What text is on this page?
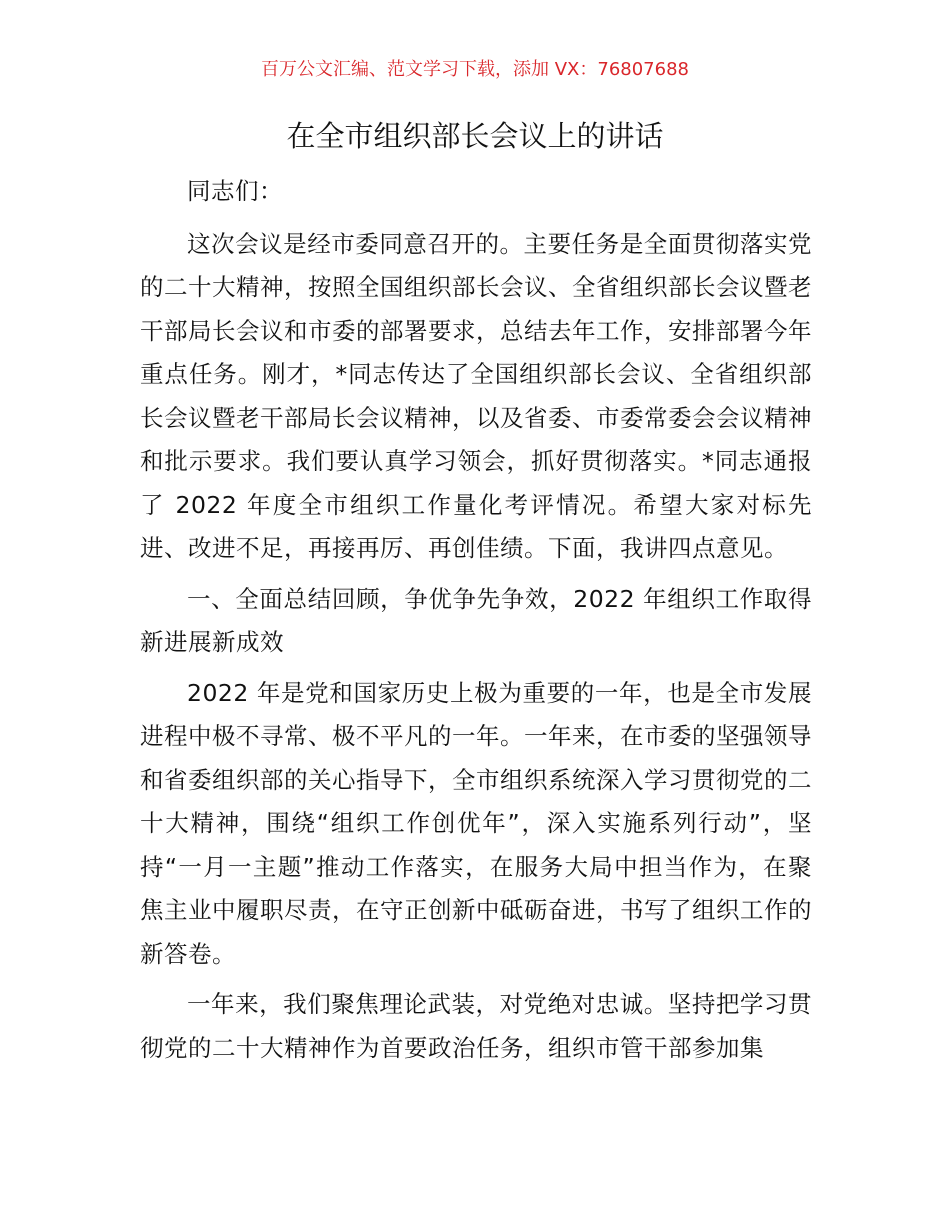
百万公文汇编、范文学习下载，添加 VX：76807688
在全市组织部长会议上的讲话

同志们：

这次会议是经市委同意召开的。主要任务是全面贯彻落实党的二十大精神，按照全国组织部长会议、全省组织部长会议暨老干部局长会议和市委的部署要求，总结去年工作，安排部署今年重点任务。刚才，*同志传达了全国组织部长会议、全省组织部长会议暨老干部局长会议精神，以及省委、市委常委会会议精神和批示要求。我们要认真学习领会，抓好贯彻落实。*同志通报了 2022 年度全市组织工作量化考评情况。希望大家对标先进、改进不足，再接再厉、再创佳绩。下面，我讲四点意见。

一、全面总结回顾，争优争先争效，2022 年组织工作取得新进展新成效

2022 年是党和国家历史上极为重要的一年，也是全市发展进程中极不寻常、极不平凡的一年。一年来，在市委的坚强领导和省委组织部的关心指导下，全市组织系统深入学习贯彻党的二十大精神，围绕“组织工作创优年”，深入实施系列行动”，坚持“一月一主题”推动工作落实，在服务大局中担当作为，在聚焦主业中履职尽责，在守正创新中砥砺奋进，书写了组织工作的新答卷。

一年来，我们聚焦理论武装，对党绝对忠诚。坚持把学习贯彻党的二十大精神作为首要政治任务，组织市管干部参加集
